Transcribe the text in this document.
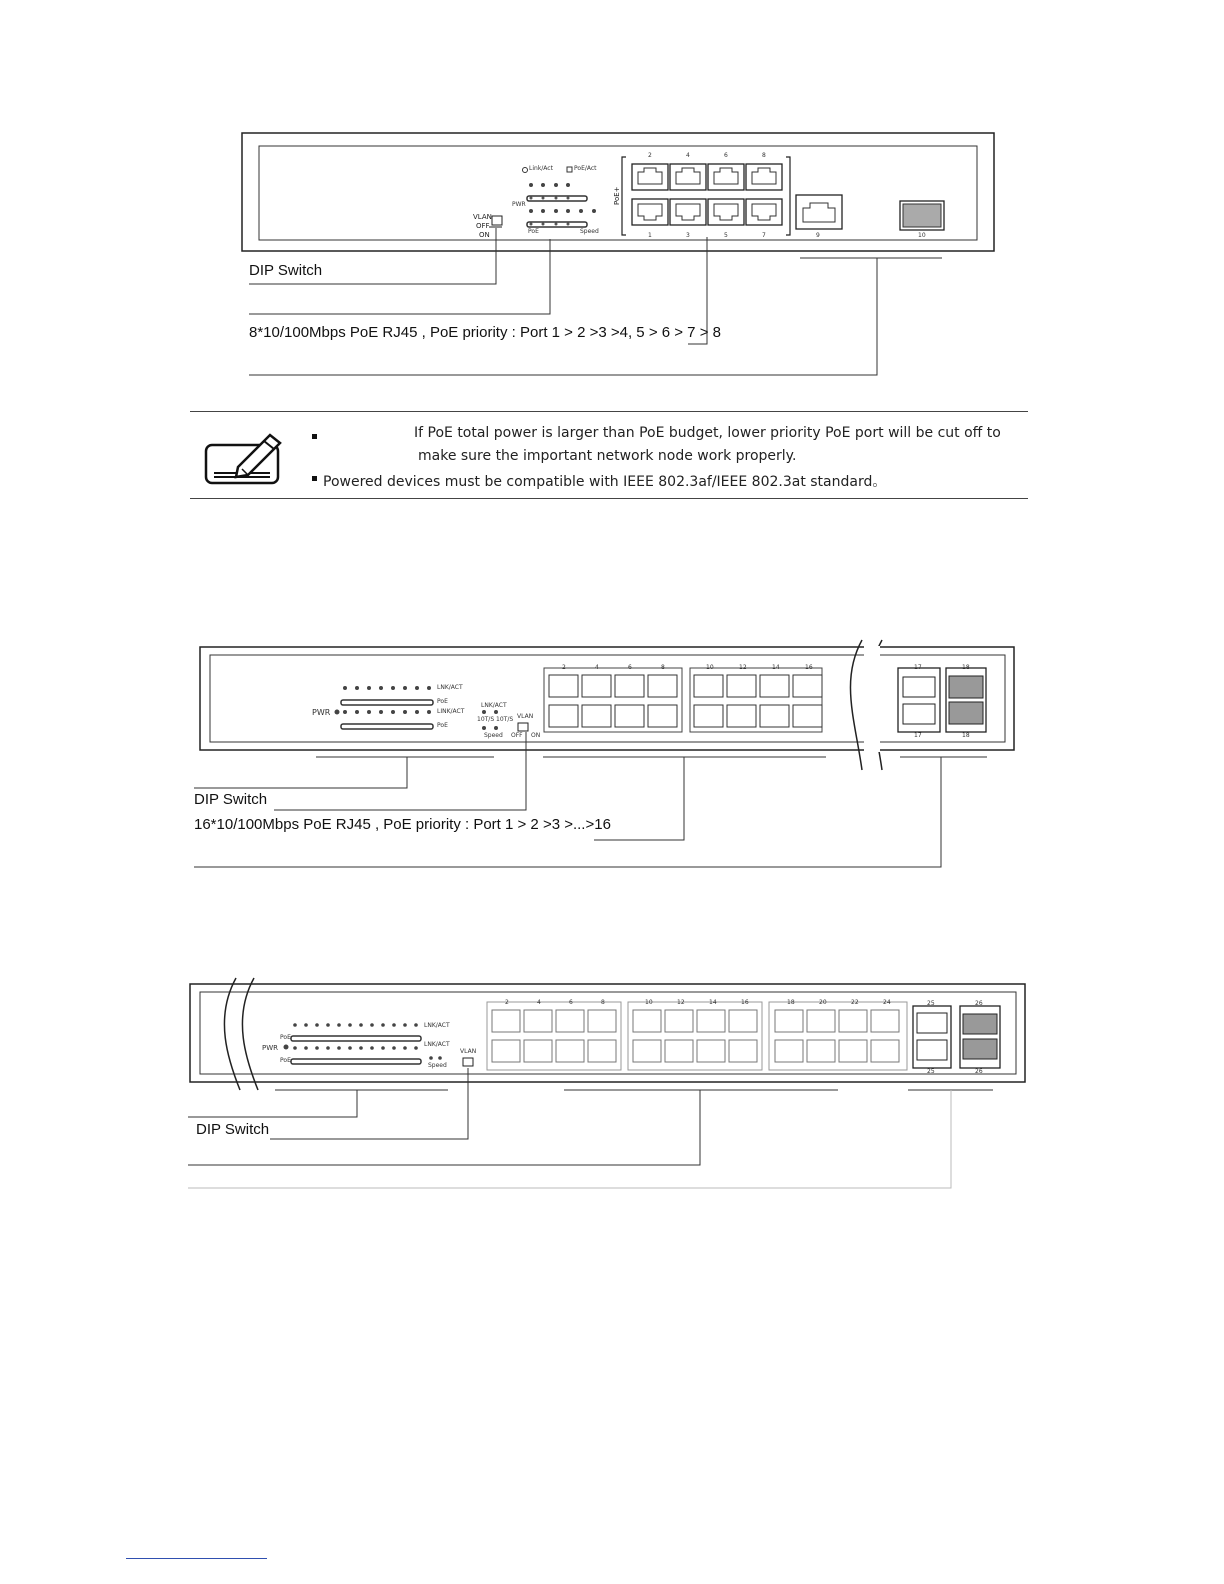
Link/Act	PoE/Act
PWR
PoE	Speed
VLAN
OFF
ON
PoE+
2	4	6	8
1	3	5	7	9	10
DIP Switch
8*10/100Mbps PoE RJ45 , PoE priority : Port 1 > 2 >3 >4, 5 > 6 > 7 > 8
If PoE total power is larger than PoE budget, lower priority PoE port will be cut off to
make sure the important network node work properly.
Powered devices must be compatible with IEEE 802.3af/IEEE 802.3at standard。
PWR
LNK/ACT
PoE
LINK/ACT
PoE
LNK/ACT
10T/S 10T/S
Speed
VLAN
OFF ON
2	4	6	8	10	12	14	16	17
17
18
18
DIP Switch
16*10/100Mbps PoE RJ45 , PoE priority : Port 1 > 2 >3 >...>16
PWR
PoE
PoE
LNK/ACT
LNK/ACT
Speed
VLAN
2	4	6	8	10	12	14	16	18	20	22	24	25
25
26
26
DIP Switch
